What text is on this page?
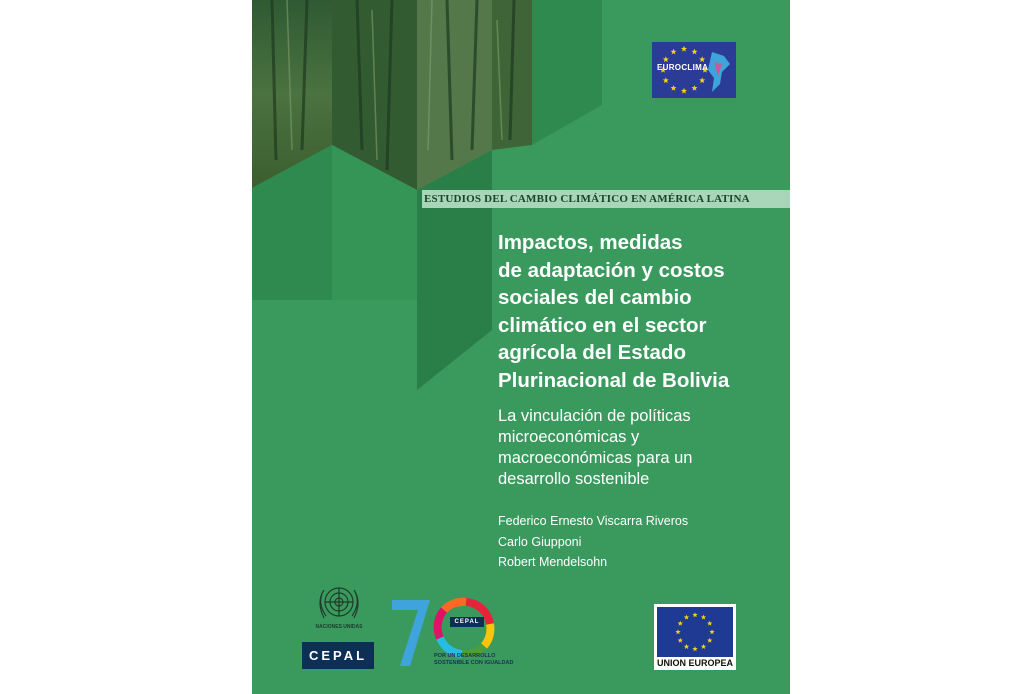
EUROCLIMA
ESTUDIOS DEL CAMBIO CLIMÁTICO EN AMÉRICA LATINA
Impactos, medidas
de adaptación y costos
sociales del cambio
climático en el sector
agrícola del Estado
Plurinacional de Bolivia
La vinculación de políticas
microeconómicas y
macroeconómicas para un
desarrollo sostenible
Federico Ernesto Viscarra Riveros
Carlo Giupponi
Robert Mendelsohn
NACIONES UNIDAS
CEPAL
CEPAL
POR UN DESARROLLO
SOSTENIBLE CON IGUALDAD	UNION EUROPEA
